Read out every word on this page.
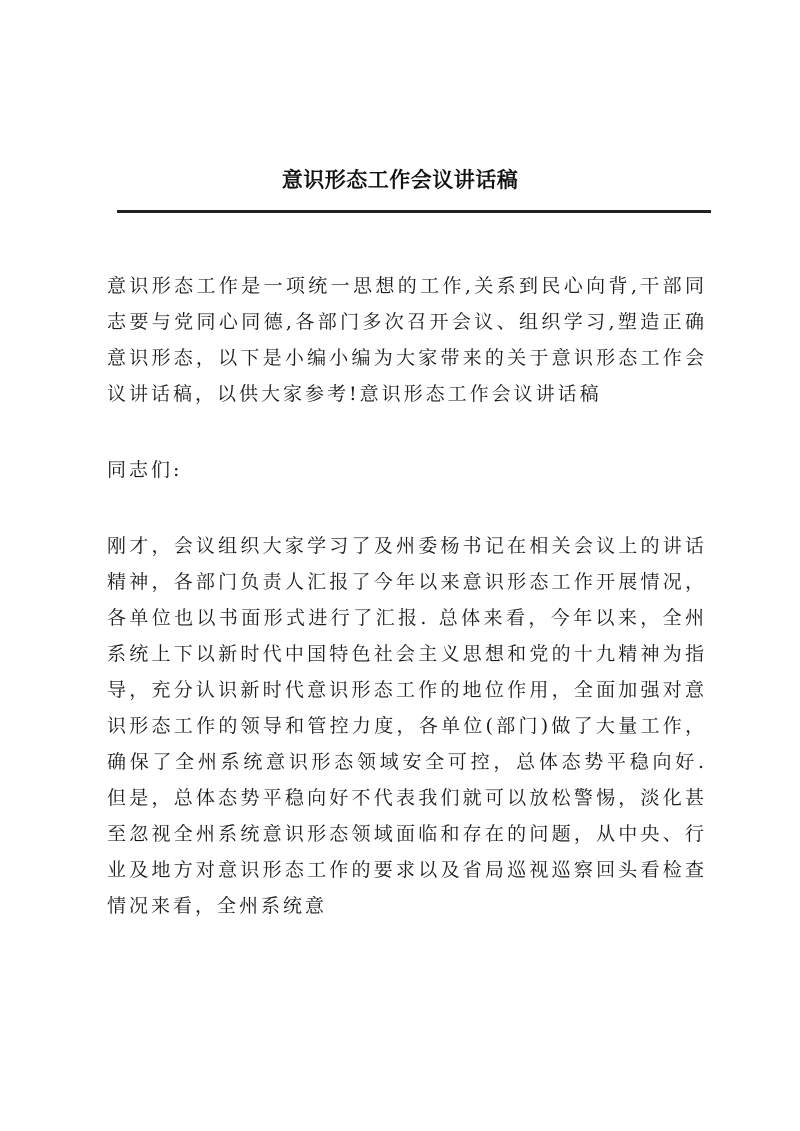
意识形态工作会议讲话稿

意识形态工作是一项统一思想的工作,关系到民心向背,干部同志要与党同心同德,各部门多次召开会议、组织学习,塑造正确意识形态，以下是小编小编为大家带来的关于意识形态工作会议讲话稿，以供大家参考!意识形态工作会议讲话稿

同志们:

刚才，会议组织大家学习了及州委杨书记在相关会议上的讲话精神，各部门负责人汇报了今年以来意识形态工作开展情况，各单位也以书面形式进行了汇报. 总体来看，今年以来，全州系统上下以新时代中国特色社会主义思想和党的十九精神为指导，充分认识新时代意识形态工作的地位作用，全面加强对意识形态工作的领导和管控力度，各单位(部门)做了大量工作，确保了全州系统意识形态领域安全可控，总体态势平稳向好. 但是，总体态势平稳向好不代表我们就可以放松警惕，淡化甚至忽视全州系统意识形态领域面临和存在的问题，从中央、行业及地方对意识形态工作的要求以及省局巡视巡察回头看检查情况来看，全州系统意
